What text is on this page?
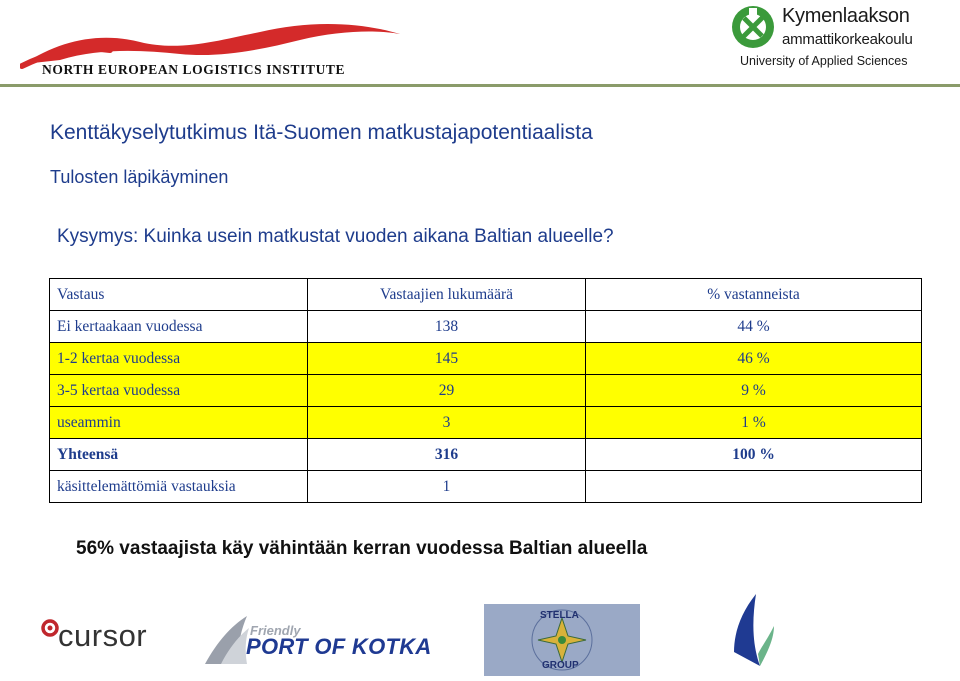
NORTH EUROPEAN LOGISTICS INSTITUTE
Kymenlaakson
ammattikorkeakoulu
University of Applied Sciences
Kenttäkyselytutkimus Itä-Suomen matkustajapotentiaalista
Tulosten läpikäyminen
Kysymys: Kuinka usein matkustat vuoden aikana Baltian alueelle?
Vastaus	Vastaajien lukumäärä	% vastanneista
Ei kertaakaan vuodessa	138	44 %
1-2 kertaa vuodessa	145	46 %
3-5 kertaa vuodessa	29	9 %
useammin	3	1 %
Yhteensä	316	100 %
käsittelemättömiä vastauksia	1	
56% vastaajista käy vähintään kerran vuodessa Baltian alueella
cursor	Friendly
PORT OF KOTKA
STELLA
GROUP
